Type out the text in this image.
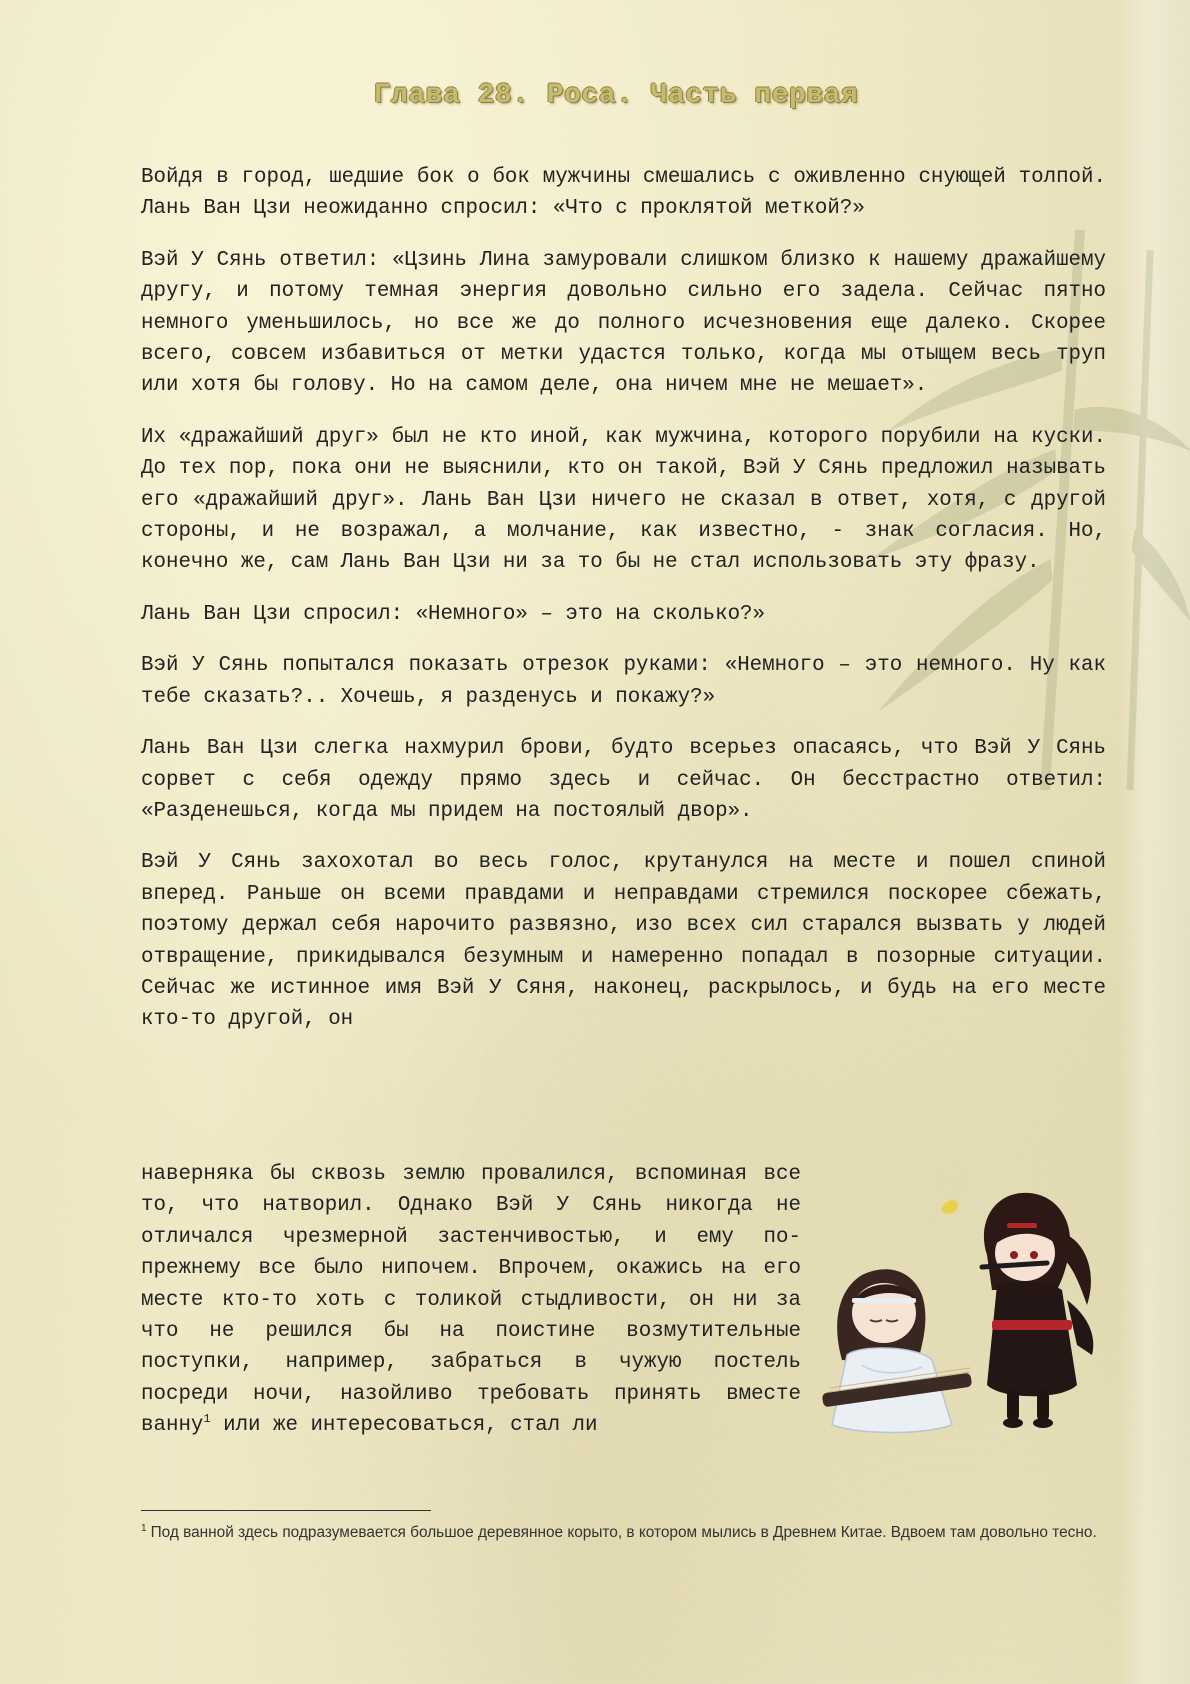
Глава 28. Роса. Часть первая

Войдя в город, шедшие бок о бок мужчины смешались с оживленно снующей толпой. Лань Ван Цзи неожиданно спросил: «Что с проклятой меткой?»

Вэй У Сянь ответил: «Цзинь Лина замуровали слишком близко к нашему дражайшему другу, и потому темная энергия довольно сильно его задела. Сейчас пятно немного уменьшилось, но все же до полного исчезновения еще далеко. Скорее всего, совсем избавиться от метки удастся только, когда мы отыщем весь труп или хотя бы голову. Но на самом деле, она ничем мне не мешает».

Их «дражайший друг» был не кто иной, как мужчина, которого порубили на куски. До тех пор, пока они не выяснили, кто он такой, Вэй У Сянь предложил называть его «дражайший друг». Лань Ван Цзи ничего не сказал в ответ, хотя, с другой стороны, и не возражал, а молчание, как известно, - знак согласия. Но, конечно же, сам Лань Ван Цзи ни за то бы не стал использовать эту фразу.

Лань Ван Цзи спросил: «Немного» – это на сколько?»

Вэй У Сянь попытался показать отрезок руками: «Немного – это немного. Ну как тебе сказать?.. Хочешь, я разденусь и покажу?»

Лань Ван Цзи слегка нахмурил брови, будто всерьез опасаясь, что Вэй У Сянь сорвет с себя одежду прямо здесь и сейчас. Он бесстрастно ответил: «Разденешься, когда мы придем на постоялый двор».

Вэй У Сянь захохотал во весь голос, крутанулся на месте и пошел спиной вперед. Раньше он всеми правдами и неправдами стремился поскорее сбежать, поэтому держал себя нарочито развязно, изо всех сил старался вызвать у людей отвращение, прикидывался безумным и намеренно попадал в позорные ситуации. Сейчас же истинное имя Вэй У Сяня, наконец, раскрылось, и будь на его месте кто-то другой, он

наверняка бы сквозь землю провалился, вспоминая все то, что натворил. Однако Вэй У Сянь никогда не отличался чрезмерной застенчивостью, и ему по-прежнему все было нипочем. Впрочем, окажись на его месте кто-то хоть с толикой стыдливости, он ни за что не решился бы на поистине возмутительные поступки, например, забраться в чужую постель посреди ночи, назойливо требовать принять вместе ванну$^1$ или же интересоваться, стал ли

$^1$ Под ванной здесь подразумевается большое деревянное корыто, в котором мылись в Древнем Китае. Вдвоем там довольно тесно.
